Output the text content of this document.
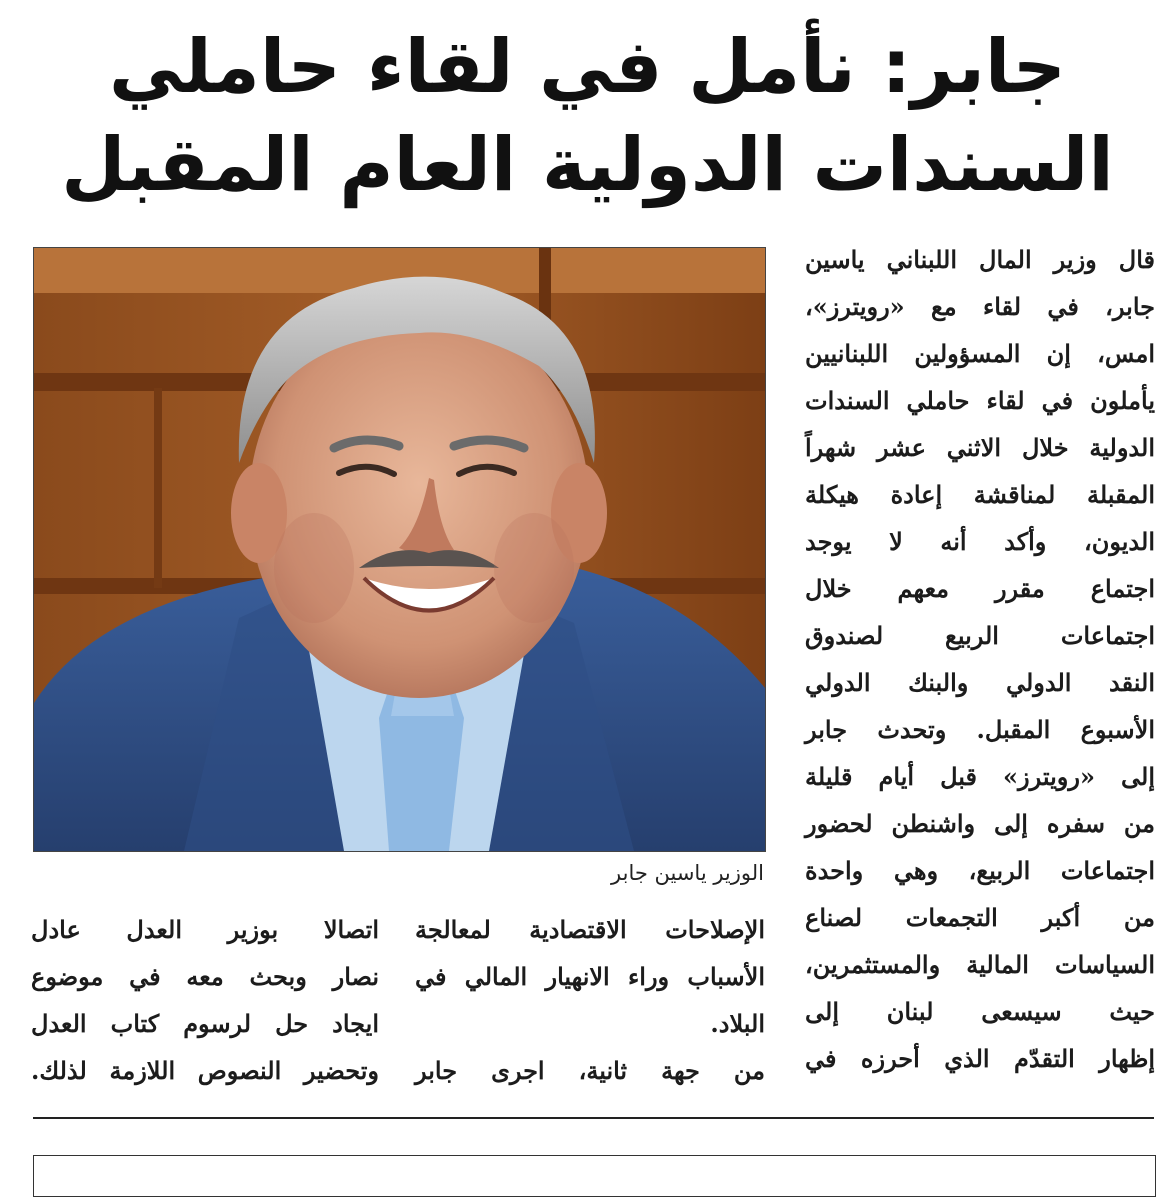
جابر: نأمل في لقاء حاملي
السندات الدولية العام المقبل
قال وزير المال اللبناني ياسين
جابر، في لقاء مع «رويترز»،
امس، إن المسؤولين اللبنانيين
يأملون في لقاء حاملي السندات
الدولية خلال الاثني عشر شهراً
المقبلة لمناقشة إعادة هيكلة
الديون، وأكد أنه لا يوجد
اجتماع مقرر معهم خلال
اجتماعات الربيع لصندوق
النقد الدولي والبنك الدولي
الأسبوع المقبل. وتحدث جابر
إلى «رويترز» قبل أيام قليلة
من سفره إلى واشنطن لحضور
اجتماعات الربيع، وهي واحدة
من أكبر التجمعات لصناع
السياسات المالية والمستثمرين،
حيث سيسعى لبنان إلى
إظهار التقدّم الذي أحرزه في
الوزير ياسين جابر
الإصلاحات الاقتصادية لمعالجة
الأسباب وراء الانهيار المالي في
البلاد.
من جهة ثانية، اجرى جابر
اتصالا بوزير العدل عادل
نصار وبحث معه في موضوع
ايجاد حل لرسوم كتاب العدل
وتحضير النصوص اللازمة لذلك.
